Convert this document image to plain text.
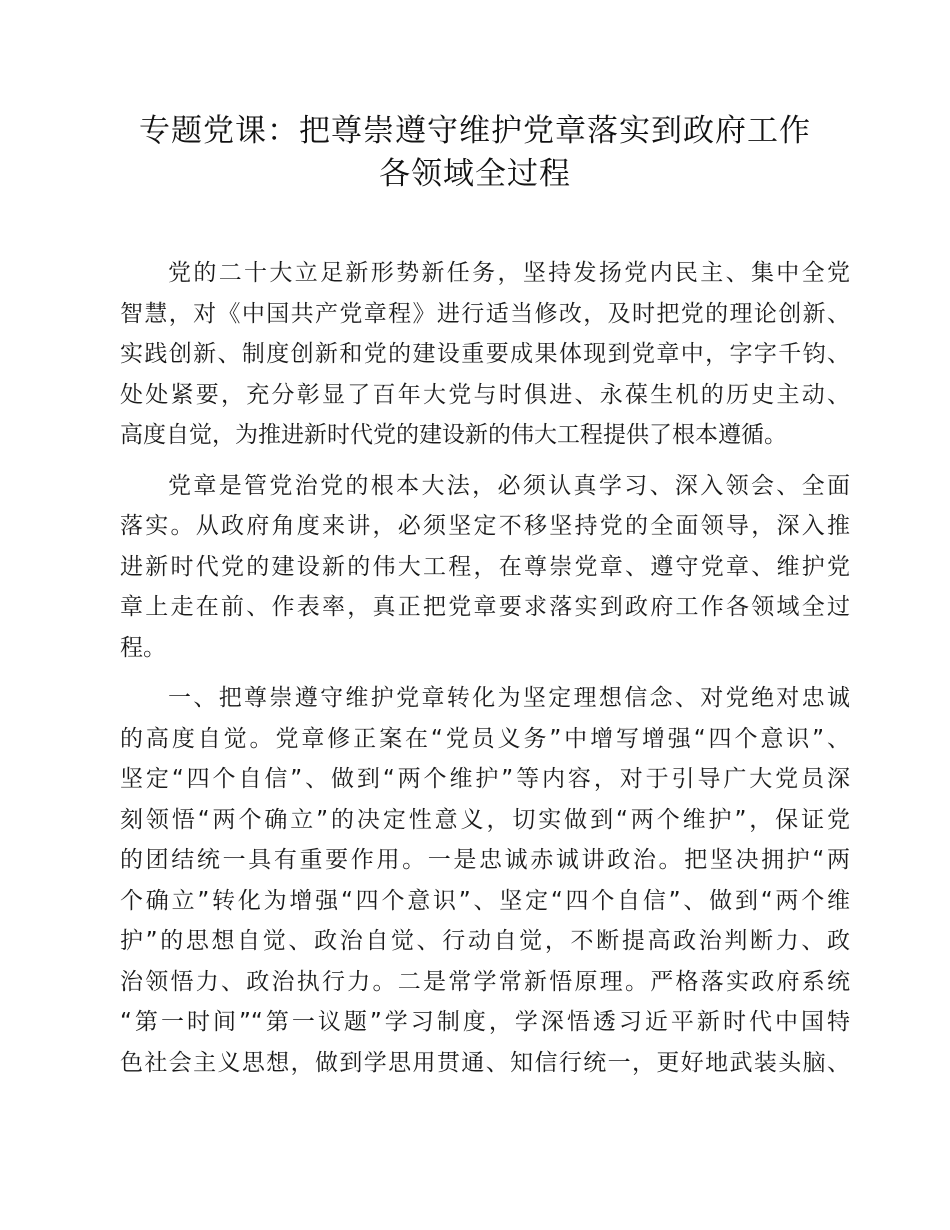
专题党课：把尊崇遵守维护党章落实到政府工作
各领域全过程

党的二十大立足新形势新任务，坚持发扬党内民主、集中全党
智慧，对《中国共产党章程》进行适当修改，及时把党的理论创新、
实践创新、制度创新和党的建设重要成果体现到党章中，字字千钧、
处处紧要，充分彰显了百年大党与时俱进、永葆生机的历史主动、
高度自觉，为推进新时代党的建设新的伟大工程提供了根本遵循。

党章是管党治党的根本大法，必须认真学习、深入领会、全面
落实。从政府角度来讲，必须坚定不移坚持党的全面领导，深入推
进新时代党的建设新的伟大工程，在尊崇党章、遵守党章、维护党
章上走在前、作表率，真正把党章要求落实到政府工作各领域全过
程。

一、把尊崇遵守维护党章转化为坚定理想信念、对党绝对忠诚
的高度自觉。党章修正案在“党员义务”中增写增强“四个意识”、
坚定“四个自信”、做到“两个维护”等内容，对于引导广大党员深
刻领悟“两个确立”的决定性意义，切实做到“两个维护”，保证党
的团结统一具有重要作用。一是忠诚赤诚讲政治。把坚决拥护“两
个确立”转化为增强“四个意识”、坚定“四个自信”、做到“两个维
护”的思想自觉、政治自觉、行动自觉，不断提高政治判断力、政
治领悟力、政治执行力。二是常学常新悟原理。严格落实政府系统
“第一时间”“第一议题”学习制度，学深悟透习近平新时代中国特
色社会主义思想，做到学思用贯通、知信行统一，更好地武装头脑、
